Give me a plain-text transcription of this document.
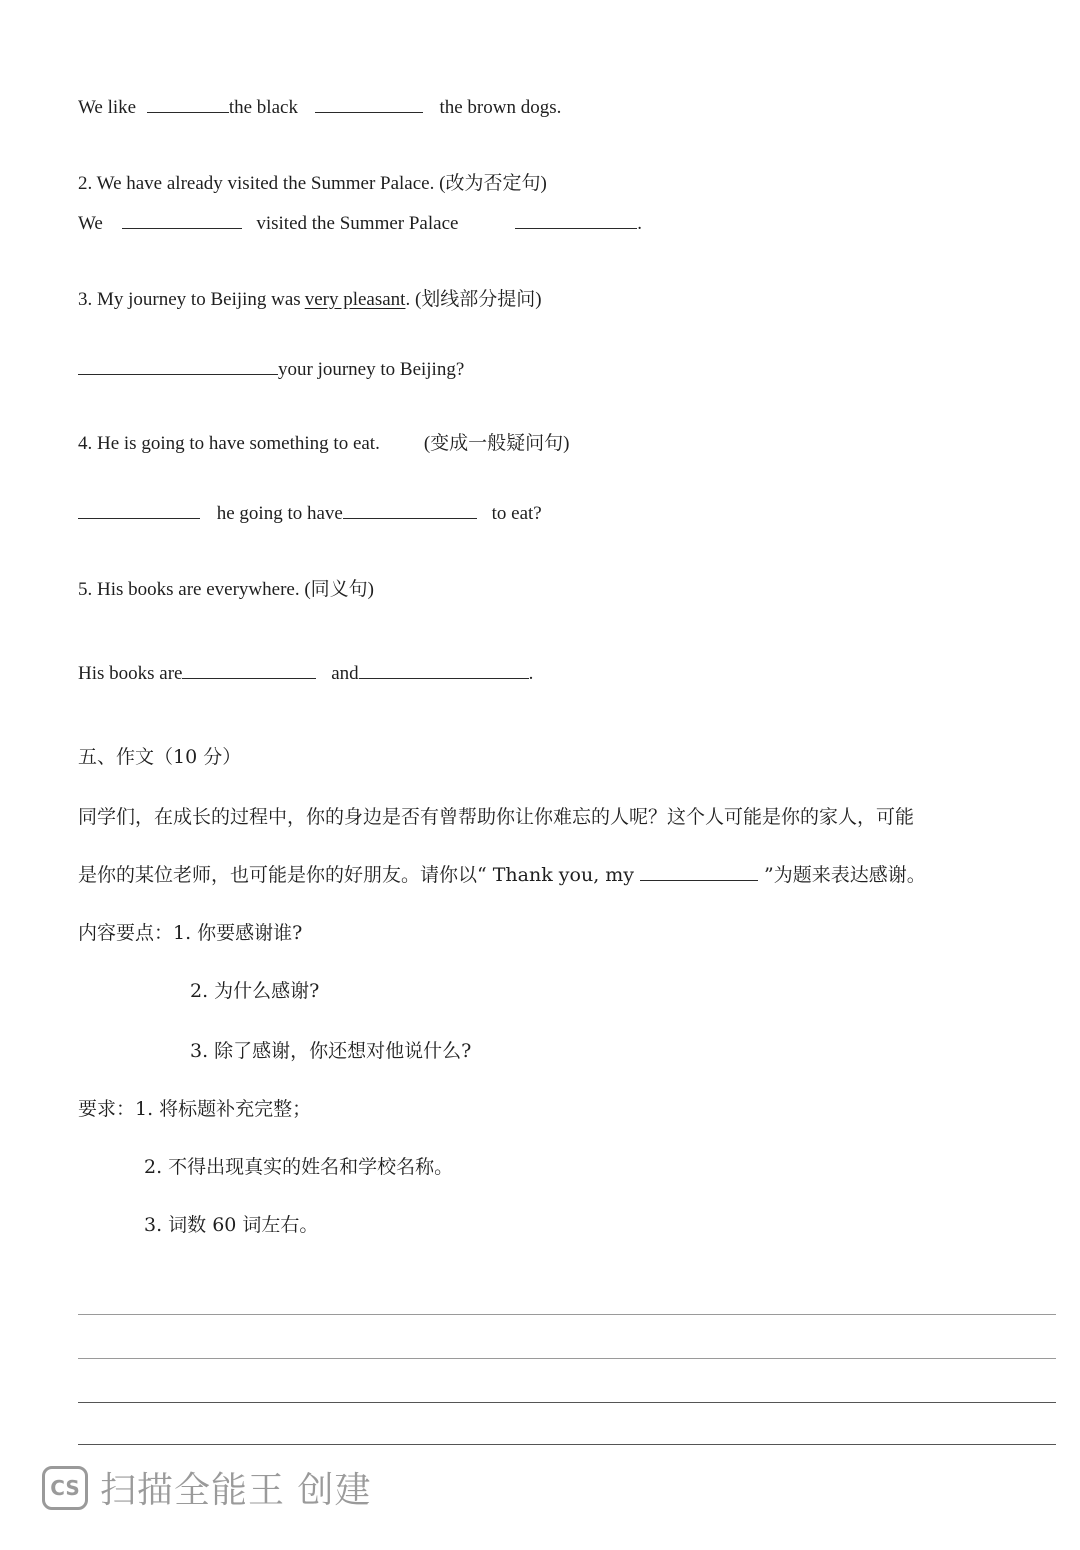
We like	the black	the brown dogs.
2. We have already visited the Summer Palace. (改为否定句)
We	visited the Summer Palace	.
3. My journey to Beijing was very pleasant. (划线部分提问)
your journey to Beijing?
4. He is going to have something to eat. (变成一般疑问句)
he going to have	to eat?
5. His books are everywhere. (同义句)
His books are	and	.
五、作文（10 分）
同学们，在成长的过程中，你的身边是否有曾帮助你让你难忘的人呢？这个人可能是你的家人，可能
是你的某位老师，也可能是你的好朋友。请你以“ Thank you, my	”为题来表达感谢。
内容要点：1. 你要感谢谁?
2. 为什么感谢?
3. 除了感谢，你还想对他说什么?
要求：1. 将标题补充完整；
2. 不得出现真实的姓名和学校名称。
3. 词数 60 词左右。
CS 扫描全能王 创建
